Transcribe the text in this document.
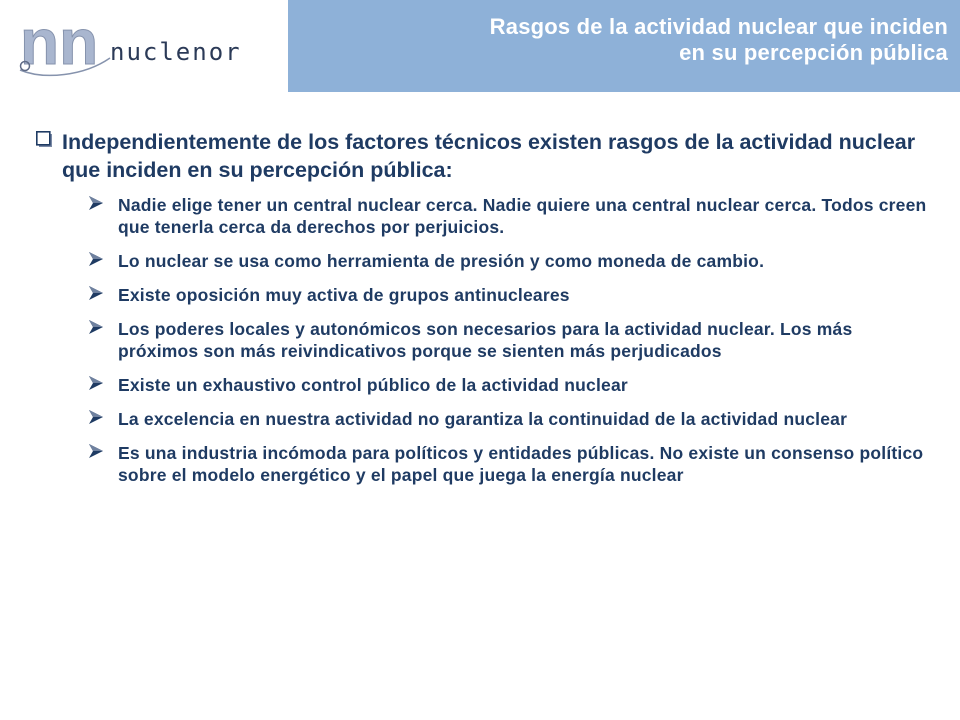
nn nuclenor
Rasgos de la actividad nuclear que inciden
en su percepción pública
Independientemente de los factores técnicos existen rasgos de la actividad nuclear que inciden en su percepción pública:
Nadie elige tener un central nuclear cerca. Nadie quiere una central nuclear cerca. Todos creen que tenerla cerca da derechos por perjuicios.
Lo nuclear se usa como herramienta de presión y como moneda de cambio.
Existe oposición muy activa de grupos antinucleares
Los poderes locales y autonómicos son necesarios para la actividad nuclear. Los más próximos son más reivindicativos porque se sienten más perjudicados
Existe un exhaustivo control público de la actividad nuclear
La excelencia en nuestra actividad no garantiza la continuidad de la actividad nuclear
Es una industria incómoda para políticos y entidades públicas. No existe un consenso político sobre el modelo energético y el papel que juega la energía nuclear
